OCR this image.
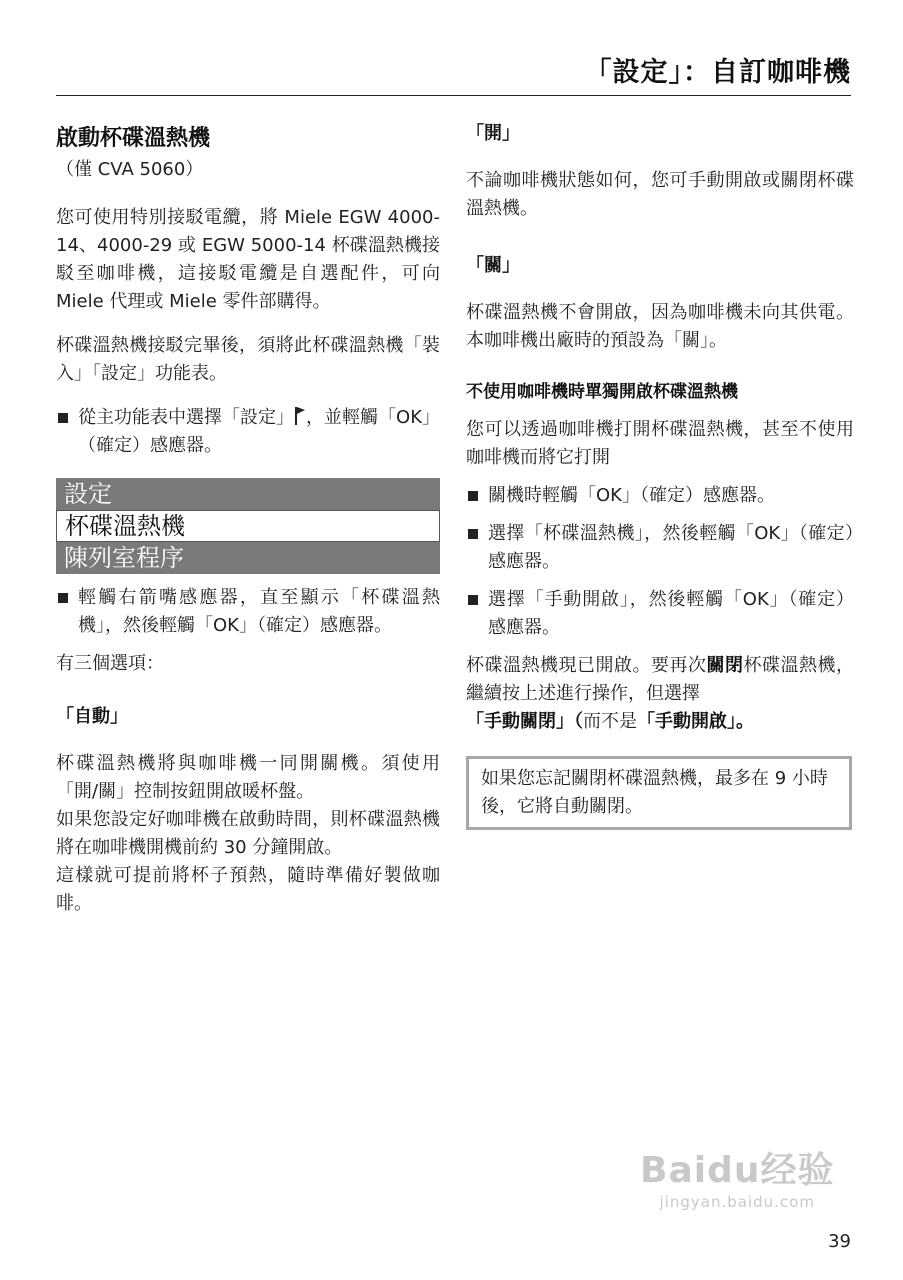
「設定」：自訂咖啡機
啟動杯碟溫熱機

（僅 CVA 5060）

您可使用特別接駁電纜，將 Miele EGW 4000-14、4000-29 或 EGW 5000-14 杯碟溫熱機接駁至咖啡機，這接駁電纜是自選配件，可向 Miele 代理或 Miele 零件部購得。

杯碟溫熱機接駁完畢後，須將此杯碟溫熱機「裝入」「設定」功能表。

從主功能表中選擇「設定」 ，並輕觸「OK」（確定）感應器。
設定
杯碟溫熱機
陳列室程序
輕觸右箭嘴感應器，直至顯示「杯碟溫熱機」，然後輕觸「OK」（確定）感應器。

有三個選項：

「自動」

杯碟溫熱機將與咖啡機一同開關機。須使用「開/關」控制按鈕開啟暖杯盤。

如果您設定好咖啡機在啟動時間，則杯碟溫熱機將在咖啡機開機前約 30 分鐘開啟。

這樣就可提前將杯子預熱，隨時準備好製做咖啡。

「開」

不論咖啡機狀態如何，您可手動開啟或關閉杯碟溫熱機。

「關」

杯碟溫熱機不會開啟，因為咖啡機未向其供電。本咖啡機出廠時的預設為「關」。

不使用咖啡機時單獨開啟杯碟溫熱機

您可以透過咖啡機打開杯碟溫熱機，甚至不使用咖啡機而將它打開

關機時輕觸「OK」（確定）感應器。
選擇「杯碟溫熱機」，然後輕觸「OK」（確定）感應器。
選擇「手動開啟」，然後輕觸「OK」（確定）感應器。

杯碟溫熱機現已開啟。要再次關閉杯碟溫熱機，繼續按上述進行操作，但選擇
「手動關閉」（而不是「手動開啟」。

如果您忘記關閉杯碟溫熱機，最多在 9 小時後，它將自動關閉。
Baidu经验
jingyan.baidu.com
39
